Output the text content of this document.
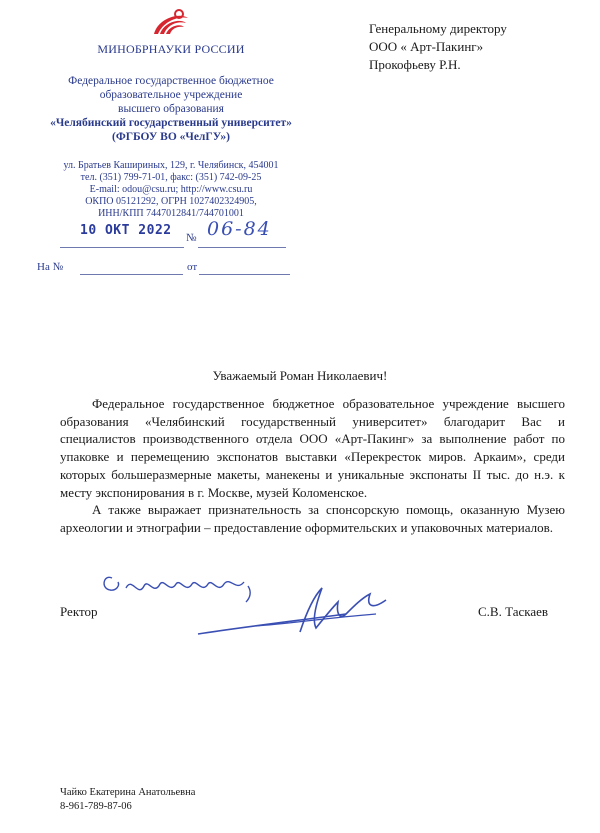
МИНОБРНАУКИ РОССИИ
Федеральное государственное бюджетное
образовательное учреждение
высшего образования
«Челябинский государственный университет»
(ФГБОУ ВО «ЧелГУ»)
ул. Братьев Кашириных, 129, г. Челябинск, 454001
тел. (351) 799-71-01, факс: (351) 742-09-25
E-mail: odou@csu.ru; http://www.csu.ru
ОКПО 05121292, ОГРН 1027402324905,
ИНН/КПП 7447012841/744701001
10 ОКТ 2022 № 06-84
На №	от
Генеральному директору
ООО « Арт-Пакинг»
Прокофьеву Р.Н.
Уважаемый Роман Николаевич!

Федеральное государственное бюджетное образовательное учреждение высшего образования «Челябинский государственный университет» благодарит Вас и специалистов производственного отдела ООО «Арт-Пакинг» за выполнение работ по упаковке и перемещению экспонатов выставки «Перекресток миров. Аркаим», среди которых большеразмерные макеты, манекены и уникальные экспонаты II тыс. до н.э. к месту экспонирования в г. Москве, музей Коломенское.

А также выражает признательность за спонсорскую помощь, оказанную Музею археологии и этнографии – предоставление оформительских и упаковочных материалов.

Ректор	С.В. Таскаев
Чайко Екатерина Анатольевна
8-961-789-87-06
